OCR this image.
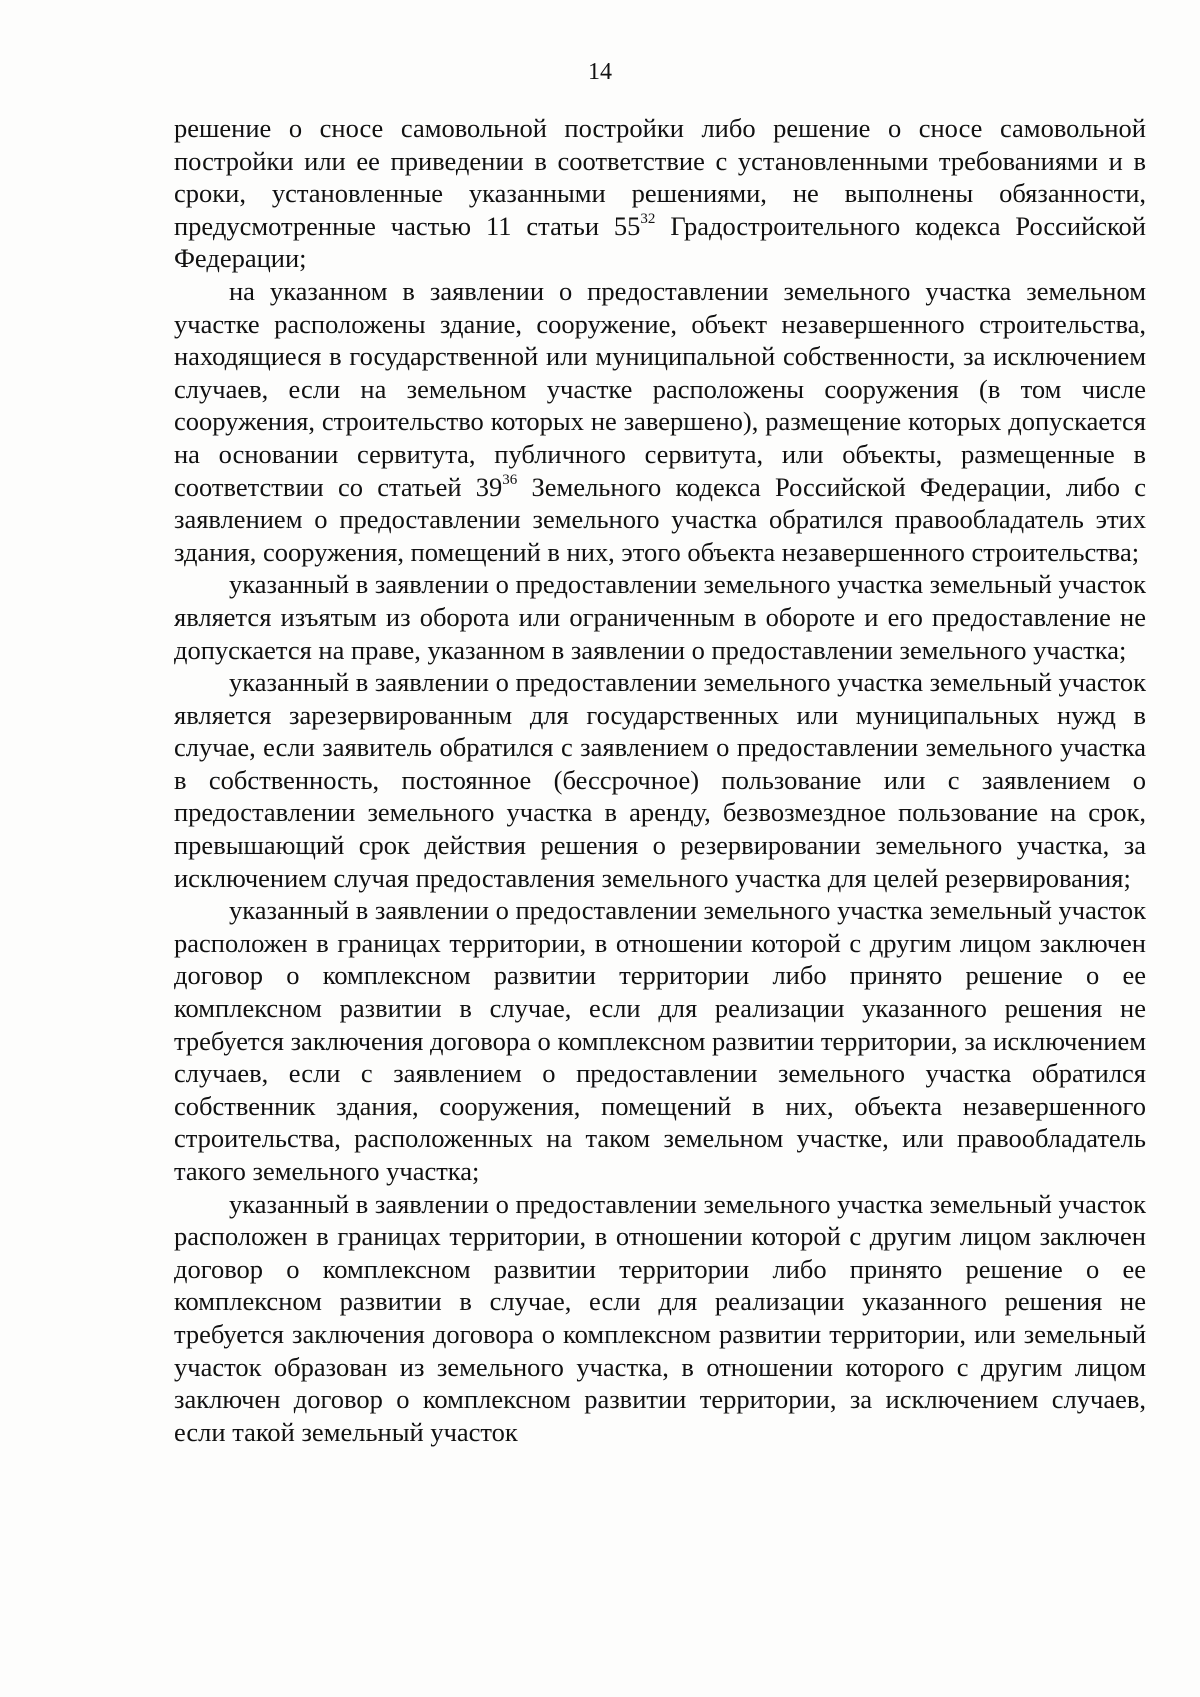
14

решение о сносе самовольной постройки либо решение о сносе самовольной постройки или ее приведении в соответствие с установленными требованиями и в сроки, установленные указанными решениями, не выполнены обязанности, предусмотренные частью 11 статьи $55^{32}$ Градостроительного кодекса Российской Федерации;

на указанном в заявлении о предоставлении земельного участка земельном участке расположены здание, сооружение, объект незавершенного строительства, находящиеся в государственной или муниципальной собственности, за исключением случаев, если на земельном участке расположены сооружения (в том числе сооружения, строительство которых не завершено), размещение которых допускается на основании сервитута, публичного сервитута, или объекты, размещенные в соответствии со статьей $39^{36}$ Земельного кодекса Российской Федерации, либо с заявлением о предоставлении земельного участка обратился правообладатель этих здания, сооружения, помещений в них, этого объекта незавершенного строительства;

указанный в заявлении о предоставлении земельного участка земельный участок является изъятым из оборота или ограниченным в обороте и его предоставление не допускается на праве, указанном в заявлении о предоставлении земельного участка;

указанный в заявлении о предоставлении земельного участка земельный участок является зарезервированным для государственных или муниципальных нужд в случае, если заявитель обратился с заявлением о предоставлении земельного участка в собственность, постоянное (бессрочное) пользование или с заявлением о предоставлении земельного участка в аренду, безвозмездное пользование на срок, превышающий срок действия решения о резервировании земельного участка, за исключением случая предоставления земельного участка для целей резервирования;

указанный в заявлении о предоставлении земельного участка земельный участок расположен в границах территории, в отношении которой с другим лицом заключен договор о комплексном развитии территории либо принято решение о ее комплексном развитии в случае, если для реализации указанного решения не требуется заключения договора о комплексном развитии территории, за исключением случаев, если с заявлением о предоставлении земельного участка обратился собственник здания, сооружения, помещений в них, объекта незавершенного строительства, расположенных на таком земельном участке, или правообладатель такого земельного участка;

указанный в заявлении о предоставлении земельного участка земельный участок расположен в границах территории, в отношении которой с другим лицом заключен договор о комплексном развитии территории либо принято решение о ее комплексном развитии в случае, если для реализации указанного решения не требуется заключения договора о комплексном развитии территории, или земельный участок образован из земельного участка, в отношении которого с другим лицом заключен договор о комплексном развитии территории, за исключением случаев, если такой земельный участок
